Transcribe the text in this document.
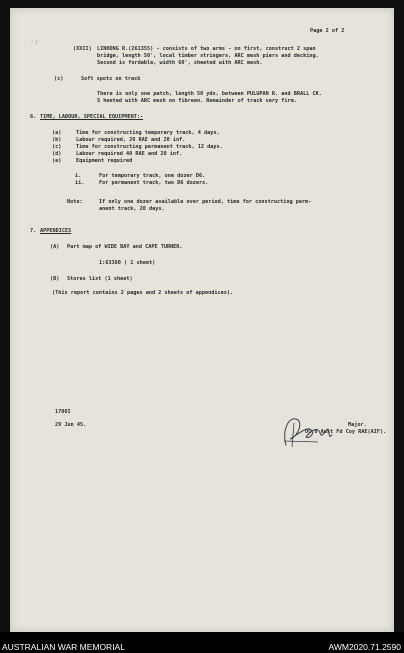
Page 2 of 2
·:
(XXII) LINHONG R.(261355) - consists of two arms - on first, construct 2 span
bridge, length 50', local timber stringers, ARC mesh piers and decking.
Second is fordable, width 60', sheeted with ARC mesh.
(c)	Soft spots on track
There is only one patch, length 50 yds, between PULUPAN R. and BRALL CK.
S heeted with ARC mesh on fibreen. Remainder of track very firm.
6. TIME, LABOUR, SPECIAL EQUIPMENT:-
(a)	Time for constructing temporary track, 4 days.
(b)	Labour required, 20 RAE and 20 inf.
(c)	Time for constructing permanent track, 12 days.
(d)	Labour required 40 RAE and 20 inf.
(e)	Equipment required
i.	For temporary track, one dozer D6.
ii.	For permanent track, two D6 dozers.
Note:	If only one dozer available over period, time for constructing perm-
anent track, 20 days.
7. APPENDICES
(A) Part map of WIDE BAY and CAPE TURNER.
1:63360 ( 1 sheet)
(B) Stores list (1 sheet)
(This report contains 2 pages and 2 sheets of appendices).
1700I
29 Jun 45.	Major.
OC 8 Aust Fd Coy RAE(AIF).
AUSTRALIAN WAR MEMORIAL	AWM2020.71.2590
